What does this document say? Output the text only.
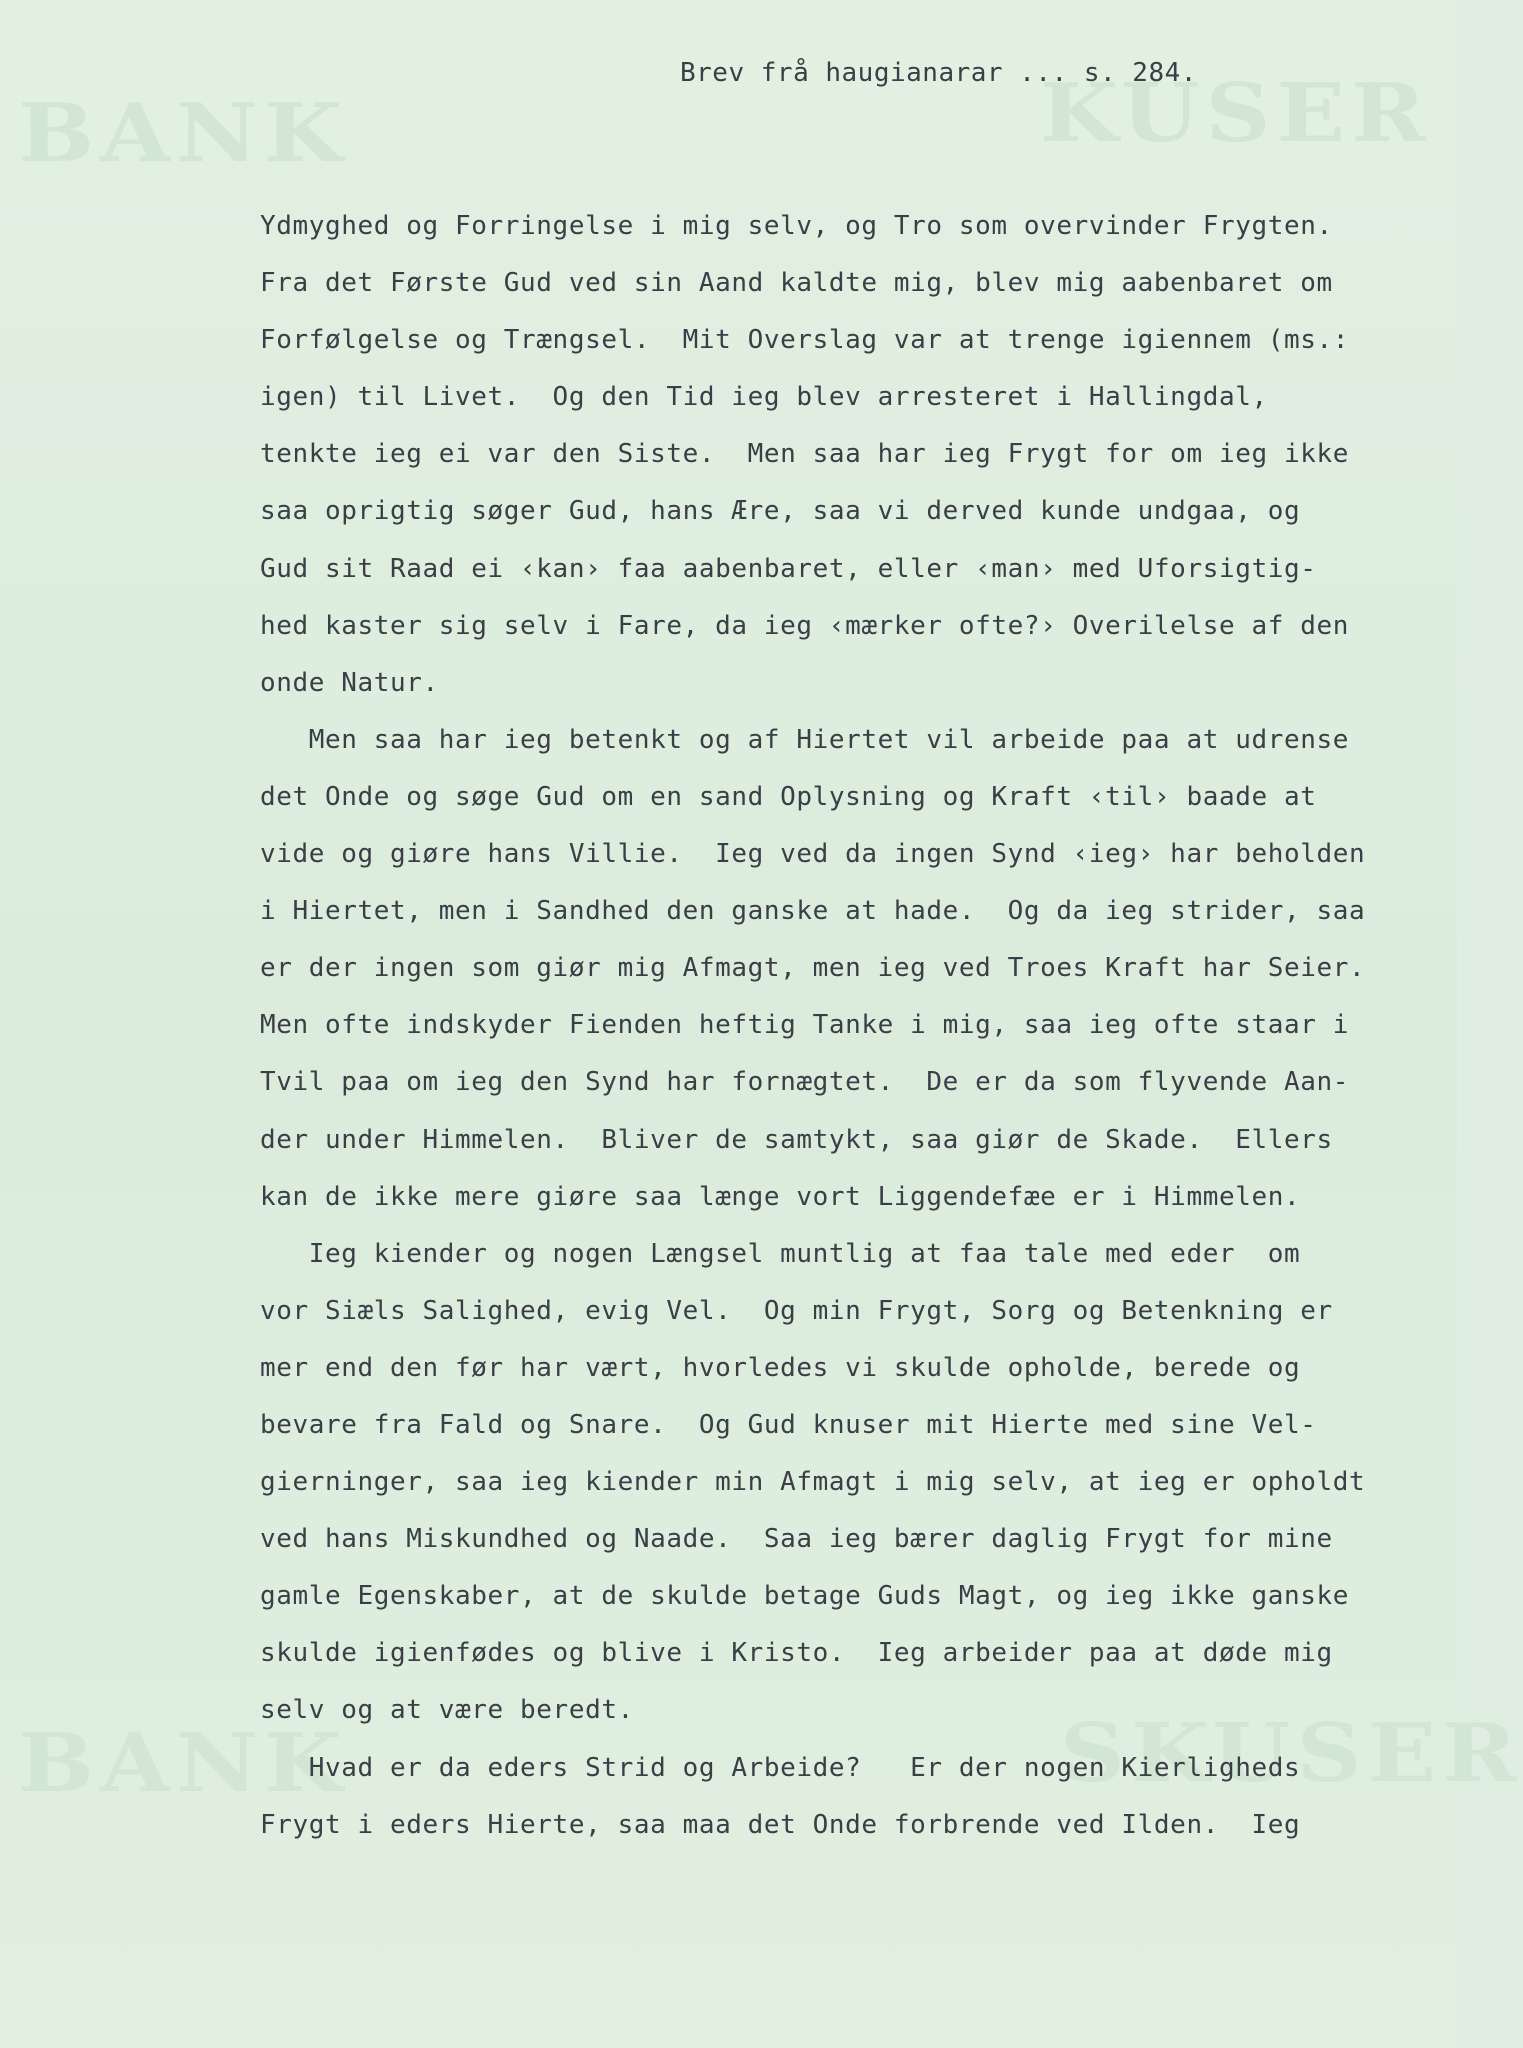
BANK	KUSER
BANK	SKUSER
Brev frå haugianarar ... s. 284.
Ydmyghed og Forringelse i mig selv, og Tro som overvinder Frygten.
Fra det Første Gud ved sin Aand kaldte mig, blev mig aabenbaret om
Forfølgelse og Trængsel.  Mit Overslag var at trenge igiennem (ms.:
igen) til Livet.  Og den Tid ieg blev arresteret i Hallingdal,
tenkte ieg ei var den Siste.  Men saa har ieg Frygt for om ieg ikke
saa oprigtig søger Gud, hans Ære, saa vi derved kunde undgaa, og
Gud sit Raad ei ‹kan› faa aabenbaret, eller ‹man› med Uforsigtig-
hed kaster sig selv i Fare, da ieg ‹mærker ofte?› Overilelse af den
onde Natur.
Men saa har ieg betenkt og af Hiertet vil arbeide paa at udrense
det Onde og søge Gud om en sand Oplysning og Kraft ‹til› baade at
vide og giøre hans Villie.  Ieg ved da ingen Synd ‹ieg› har beholden
i Hiertet, men i Sandhed den ganske at hade.  Og da ieg strider, saa
er der ingen som giør mig Afmagt, men ieg ved Troes Kraft har Seier.
Men ofte indskyder Fienden heftig Tanke i mig, saa ieg ofte staar i
Tvil paa om ieg den Synd har fornægtet.  De er da som flyvende Aan-
der under Himmelen.  Bliver de samtykt, saa giør de Skade.  Ellers
kan de ikke mere giøre saa længe vort Liggendefæe er i Himmelen.
Ieg kiender og nogen Længsel muntlig at faa tale med eder  om
vor Siæls Salighed, evig Vel.  Og min Frygt, Sorg og Betenkning er
mer end den før har vært, hvorledes vi skulde opholde, berede og
bevare fra Fald og Snare.  Og Gud knuser mit Hierte med sine Vel-
gierninger, saa ieg kiender min Afmagt i mig selv, at ieg er opholdt
ved hans Miskundhed og Naade.  Saa ieg bærer daglig Frygt for mine
gamle Egenskaber, at de skulde betage Guds Magt, og ieg ikke ganske
skulde igienfødes og blive i Kristo.  Ieg arbeider paa at døde mig
selv og at være beredt.
Hvad er da eders Strid og Arbeide?   Er der nogen Kierligheds
Frygt i eders Hierte, saa maa det Onde forbrende ved Ilden.  Ieg
